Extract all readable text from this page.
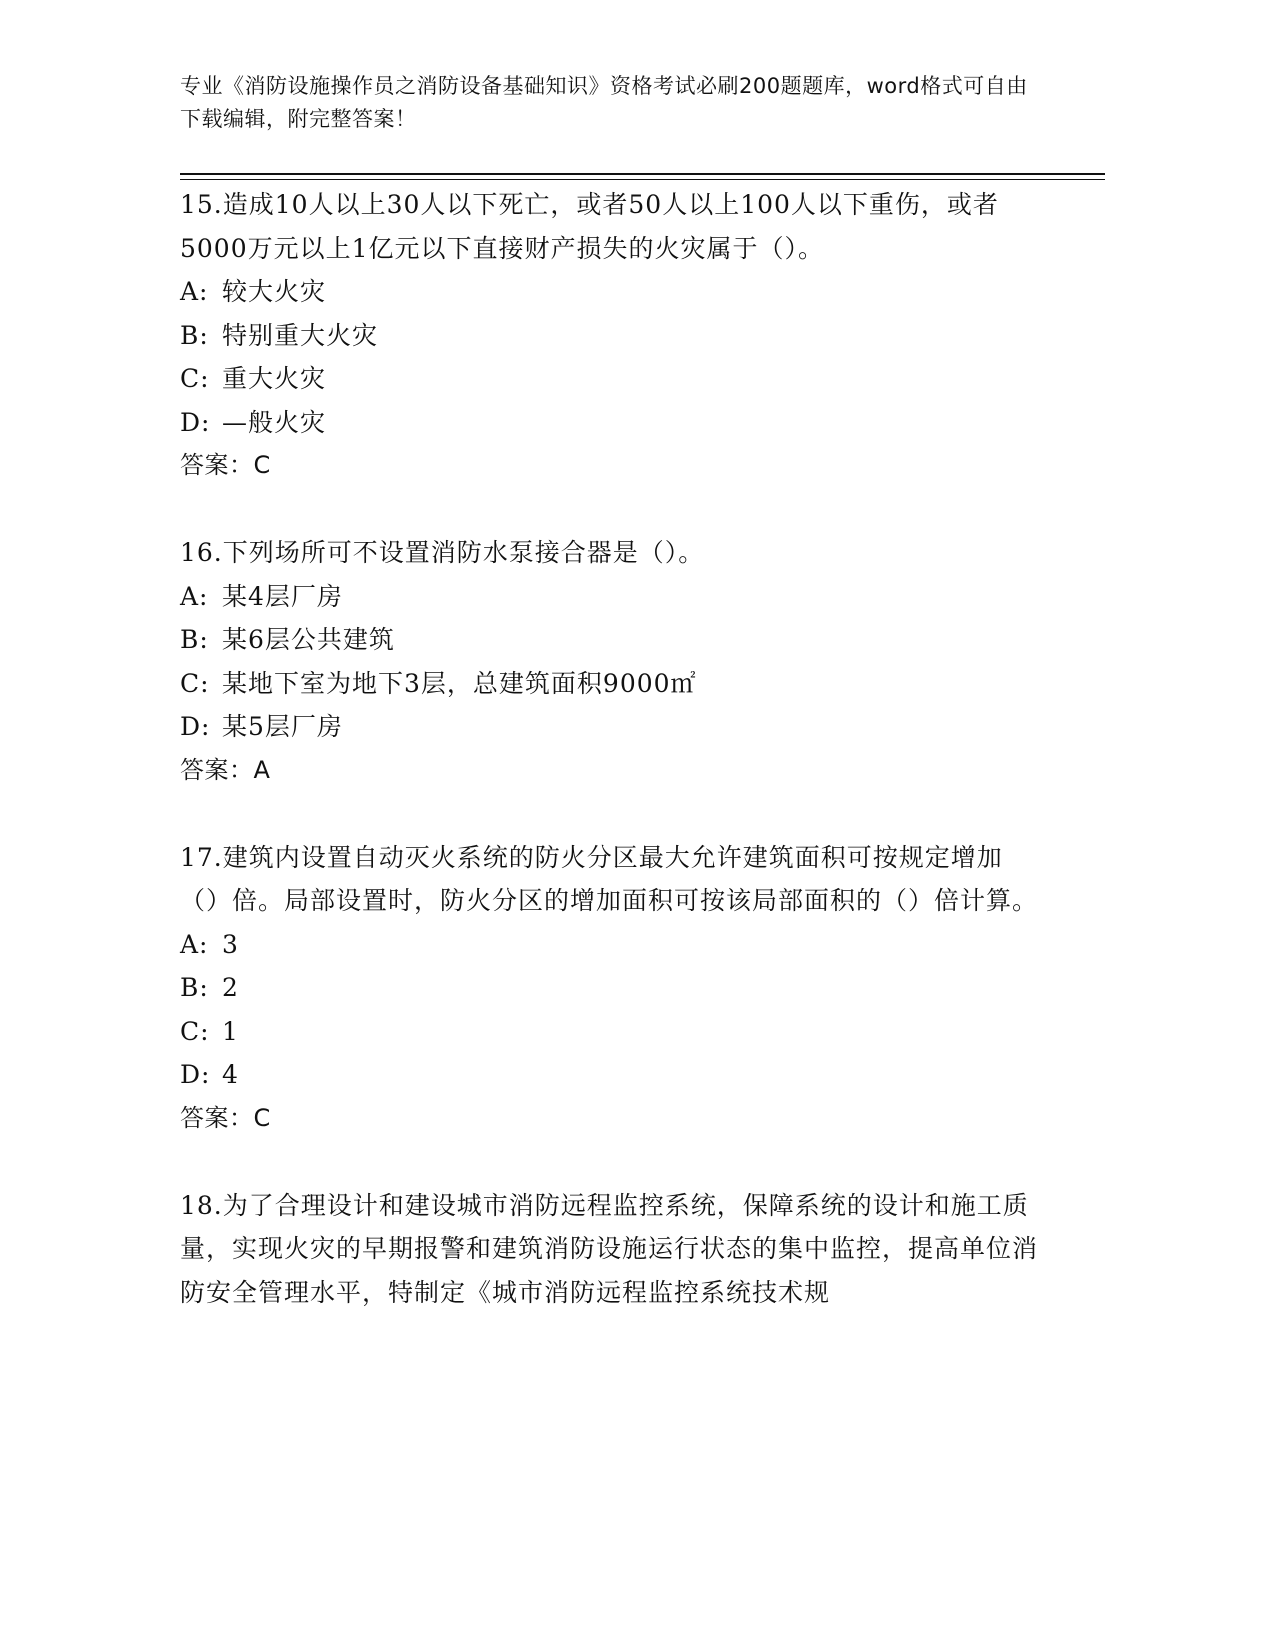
专业《消防设施操作员之消防设备基础知识》资格考试必刷200题题库，word格式可自由下载编辑，附完整答案！

15.造成10人以上30人以下死亡，或者50人以上100人以下重伤，或者5000万元以上1亿元以下直接财产损失的火灾属于（）。

A: 较大火灾
B: 特别重大火灾
C: 重大火灾
D: —般火灾

答案：C

16.下列场所可不设置消防水泵接合器是（）。

A: 某4层厂房
B: 某6层公共建筑
C: 某地下室为地下3层，总建筑面积9000㎡
D: 某5层厂房

答案：A

17.建筑内设置自动灭火系统的防火分区最大允许建筑面积可按规定增加（）倍。局部设置时，防火分区的增加面积可按该局部面积的（）倍计算。

A: 3
B: 2
C: 1
D: 4

答案：C

18.为了合理设计和建设城市消防远程监控系统，保障系统的设计和施工质量，实现火灾的早期报警和建筑消防设施运行状态的集中监控，提高单位消防安全管理水平，特制定《城市消防远程监控系统技术规
